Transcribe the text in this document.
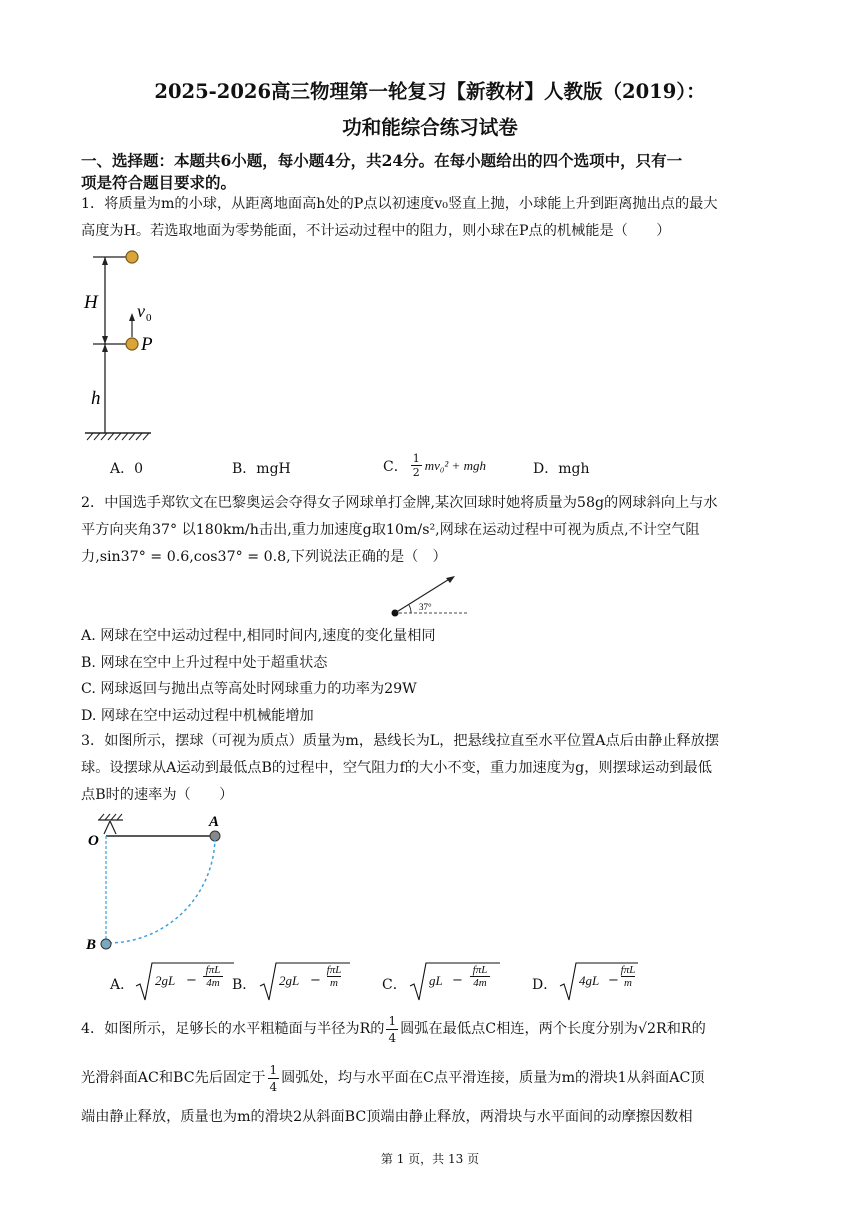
2025-2026高三物理第一轮复习【新教材】人教版（2019）：
功和能综合练习试卷
一、选择题：本题共6小题，每小题4分，共24分。在每小题给出的四个选项中，只有一
项是符合题目要求的。
1．将质量为m的小球，从距离地面高h处的P点以初速度v₀竖直上抛，小球能上升到距离抛出点的最大
高度为H。若选取地面为零势能面，不计运动过程中的阻力，则小球在P点的机械能是（　　）
H
h
v 0
P
A．0	B．mgH	C． $\frac{1}{2} mv_0^2$ + mgh	D．mgh
2．中国选手郑钦文在巴黎奥运会夺得女子网球单打金牌,某次回球时她将质量为58g的网球斜向上与水
平方向夹角37° 以180km/h击出,重力加速度g取10m/s²,网球在运动过程中可视为质点,不计空气阻
力,sin37° = 0.6,cos37° = 0.8,下列说法正确的是（　）
37°
A. 网球在空中运动过程中,相同时间内,速度的变化量相同
B. 网球在空中上升过程中处于超重状态
C. 网球返回与抛出点等高处时网球重力的功率为29W
D. 网球在空中运动过程中机械能增加
3．如图所示，摆球（可视为质点）质量为m，悬线长为L，把悬线拉直至水平位置A点后由静止释放摆
球。设摆球从A运动到最低点B的过程中，空气阻力f的大小不变，重力加速度为g，则摆球运动到最低
点B时的速率为（　　）
O
A
B
A． 2gL −
fπL
4m B． 2gL −
fπL
m	C． gL −
fπL
4m	D． 4gL −
fπL
m
4．如图所示，足够长的水平粗糙面与半径为R的 $\frac{1}{4}$ 圆弧在最低点C相连，两个长度分别为√2R和R的
光滑斜面AC和BC先后固定于 $\frac{1}{4}$ 圆弧处，均与水平面在C点平滑连接，质量为m的滑块1从斜面AC顶
端由静止释放，质量也为m的滑块2从斜面BC顶端由静止释放，两滑块与水平面间的动摩擦因数相
第 1 页，共 13 页
